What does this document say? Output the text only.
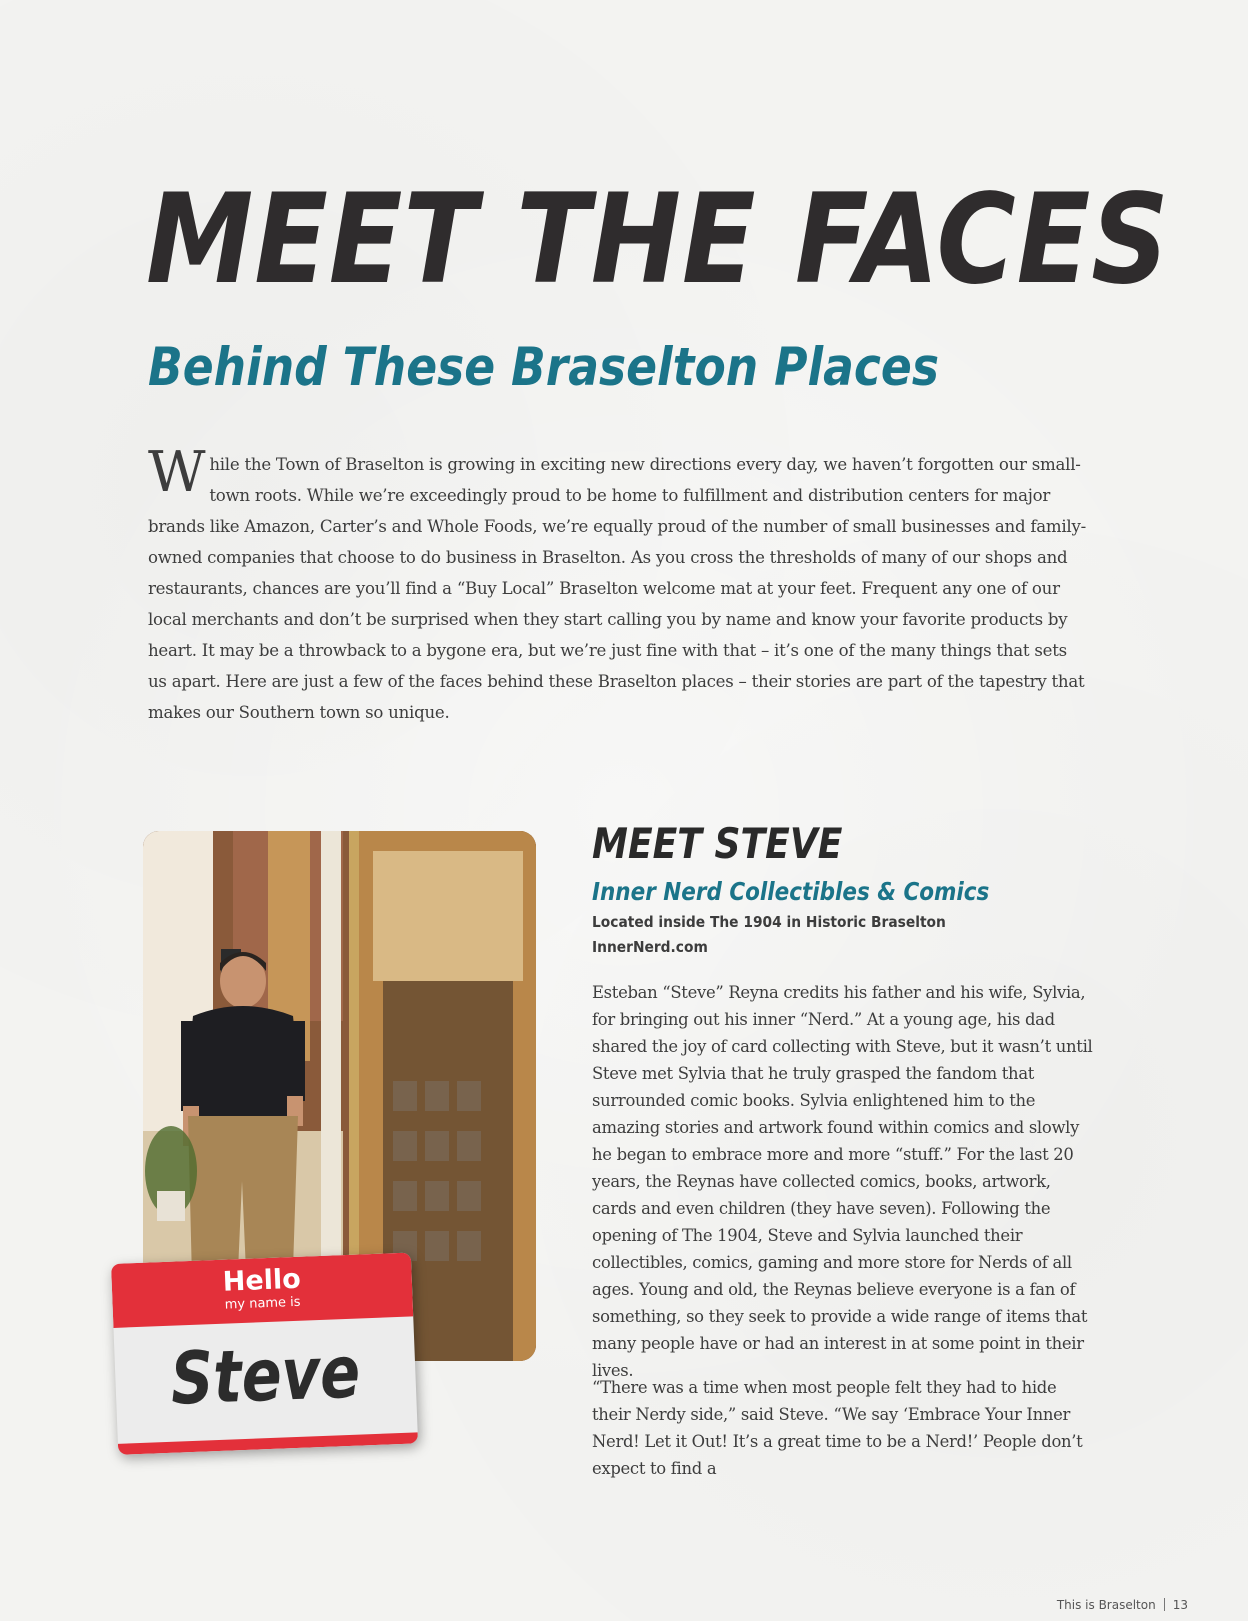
MEET THE FACES
Behind These Braselton Places

While the Town of Braselton is growing in exciting new directions every day, we haven’t forgotten our small-town roots. While we’re exceedingly proud to be home to fulfillment and distribution centers for major brands like Amazon, Carter’s and Whole Foods, we’re equally proud of the number of small businesses and family-owned companies that choose to do business in Braselton. As you cross the thresholds of many of our shops and restaurants, chances are you’ll find a “Buy Local” Braselton welcome mat at your feet. Frequent any one of our local merchants and don’t be surprised when they start calling you by name and know your favorite products by heart. It may be a throwback to a bygone era, but we’re just fine with that – it’s one of the many things that sets us apart. Here are just a few of the faces behind these Braselton places – their stories are part of the tapestry that makes our Southern town so unique.

Hello
my name is
Steve
MEET STEVE
Inner Nerd Collectibles & Comics
Located inside The 1904 in Historic Braselton
InnerNerd.com

Esteban “Steve” Reyna credits his father and his wife, Sylvia, for bringing out his inner “Nerd.” At a young age, his dad shared the joy of card collecting with Steve, but it wasn’t until Steve met Sylvia that he truly grasped the fandom that surrounded comic books. Sylvia enlightened him to the amazing stories and artwork found within comics and slowly he began to embrace more and more “stuff.” For the last 20 years, the Reynas have collected comics, books, artwork, cards and even children (they have seven). Following the opening of The 1904, Steve and Sylvia launched their collectibles, comics, gaming and more store for Nerds of all ages. Young and old, the Reynas believe everyone is a fan of something, so they seek to provide a wide range of items that many people have or had an interest in at some point in their lives.

“There was a time when most people felt they had to hide their Nerdy side,” said Steve. “We say ‘Embrace Your Inner Nerd! Let it Out! It’s a great time to be a Nerd!’ People don’t expect to find a

This is Braselton 13
